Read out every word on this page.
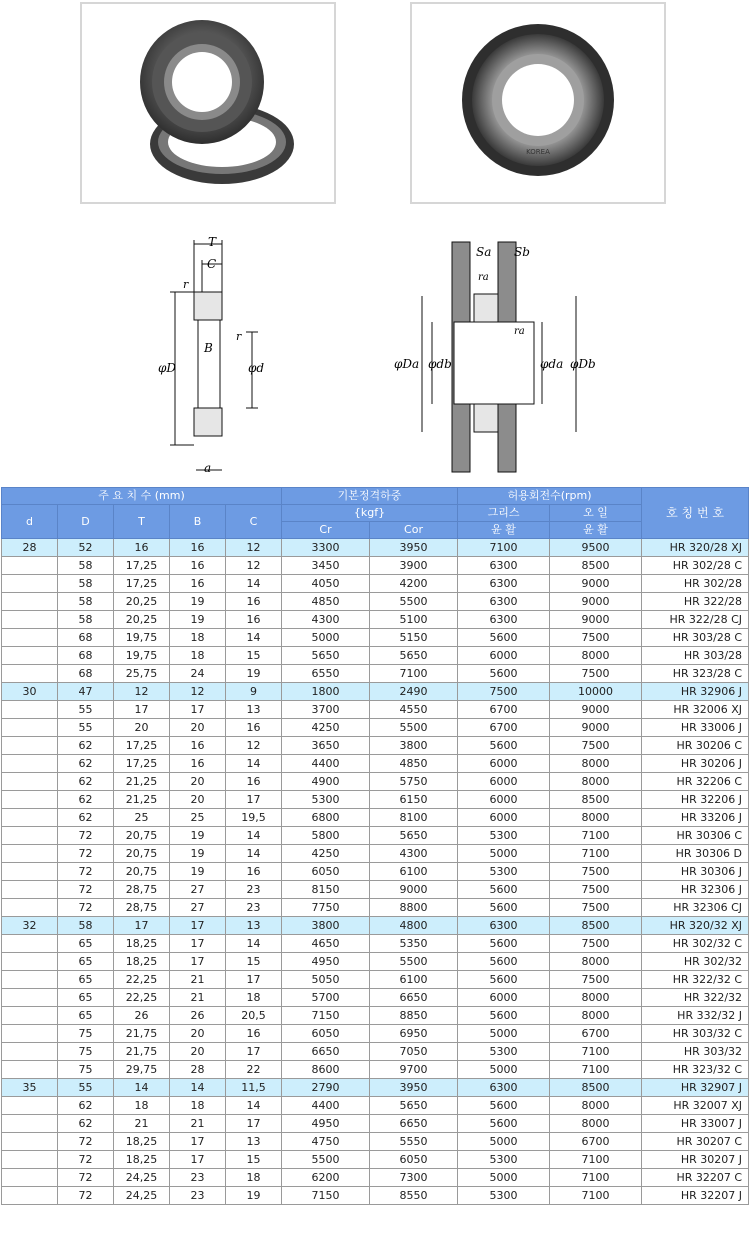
KOREA
T
C
r
r
B
φD	φd
a
Sa Sb
ra
ra
φDa φdb	φda φDb
주 요 치 수 (mm)					기본정격하중		허용회전수(rpm)		호 칭 번 호
d	D	T	B	C	{kgf}		그리스	오 일	
					Cr	Cor	윤 활	윤 활	
28	52	16	16	12	3300	3950	7100	9500	HR 320/28 XJ
	58	17,25	16	12	3450	3900	6300	8500	HR 302/28 C
	58	17,25	16	14	4050	4200	6300	9000	HR 302/28
	58	20,25	19	16	4850	5500	6300	9000	HR 322/28
	58	20,25	19	16	4300	5100	6300	9000	HR 322/28 CJ
	68	19,75	18	14	5000	5150	5600	7500	HR 303/28 C
	68	19,75	18	15	5650	5650	6000	8000	HR 303/28
	68	25,75	24	19	6550	7100	5600	7500	HR 323/28 C
30	47	12	12	9	1800	2490	7500	10000	HR 32906 J
	55	17	17	13	3700	4550	6700	9000	HR 32006 XJ
	55	20	20	16	4250	5500	6700	9000	HR 33006 J
	62	17,25	16	12	3650	3800	5600	7500	HR 30206 C
	62	17,25	16	14	4400	4850	6000	8000	HR 30206 J
	62	21,25	20	16	4900	5750	6000	8000	HR 32206 C
	62	21,25	20	17	5300	6150	6000	8500	HR 32206 J
	62	25	25	19,5	6800	8100	6000	8000	HR 33206 J
	72	20,75	19	14	5800	5650	5300	7100	HR 30306 C
	72	20,75	19	14	4250	4300	5000	7100	HR 30306 D
	72	20,75	19	16	6050	6100	5300	7500	HR 30306 J
	72	28,75	27	23	8150	9000	5600	7500	HR 32306 J
	72	28,75	27	23	7750	8800	5600	7500	HR 32306 CJ
32	58	17	17	13	3800	4800	6300	8500	HR 320/32 XJ
	65	18,25	17	14	4650	5350	5600	7500	HR 302/32 C
	65	18,25	17	15	4950	5500	5600	8000	HR 302/32
	65	22,25	21	17	5050	6100	5600	7500	HR 322/32 C
	65	22,25	21	18	5700	6650	6000	8000	HR 322/32
	65	26	26	20,5	7150	8850	5600	8000	HR 332/32 J
	75	21,75	20	16	6050	6950	5000	6700	HR 303/32 C
	75	21,75	20	17	6650	7050	5300	7100	HR 303/32
	75	29,75	28	22	8600	9700	5000	7100	HR 323/32 C
35	55	14	14	11,5	2790	3950	6300	8500	HR 32907 J
	62	18	18	14	4400	5650	5600	8000	HR 32007 XJ
	62	21	21	17	4950	6650	5600	8000	HR 33007 J
	72	18,25	17	13	4750	5550	5000	6700	HR 30207 C
	72	18,25	17	15	5500	6050	5300	7100	HR 30207 J
	72	24,25	23	18	6200	7300	5000	7100	HR 32207 C
	72	24,25	23	19	7150	8550	5300	7100	HR 32207 J
